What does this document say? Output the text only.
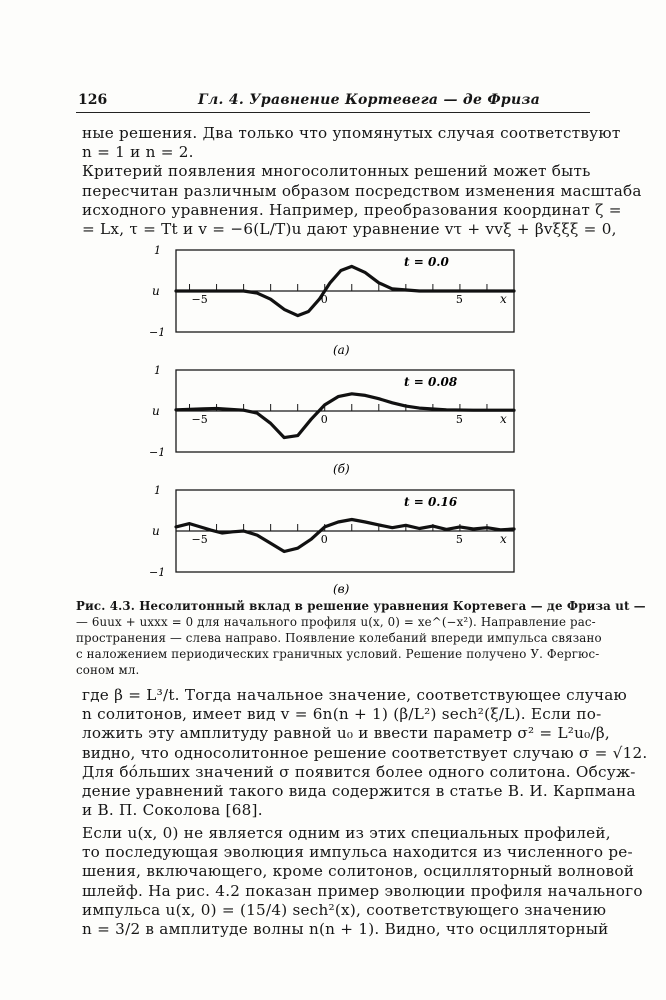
126	Гл. 4. Уравнение Кортевега — де Фриза
ные решения. Два только что упомянутых случая соответствуют
n = 1 и n = 2.
Критерий появления многосолитонных решений может быть
пересчитан различным образом посредством изменения масштаба
исходного уравнения. Например, преобразования координат ζ =
= Lx, τ = Tt и v = −6(L/T)u дают уравнение vτ + vvξ + βvξξξ = 0,
1
−1
u
−5	0	5	x
t = 0.0
(a)
1
−1
u
−5	0	5	x
t = 0.08
(б)
1
−1
u
−5	0	5	x
t = 0.16
(в)
Рис. 4.3. Несолитонный вклад в решение уравнения Кортевега — де Фриза ut —
— 6uux + uxxx = 0 для начального профиля u(x, 0) = xe^(−x²). Направление рас-
пространения — слева направо. Появление колебаний впереди импульса связано
с наложением периодических граничных условий. Решение получено У. Фергюс-
соном мл.
где β = L³/t. Тогда начальное значение, соответствующее случаю
n солитонов, имеет вид v = 6n(n + 1) (β/L²) sech²(ξ/L). Если по-
ложить эту амплитуду равной u₀ и ввести параметр σ² = L²u₀/β,
видно, что односолитонное решение соответствует случаю σ = √12.
Для бо́льших значений σ появится более одного солитона. Обсуж-
дение уравнений такого вида содержится в статье В. И. Карпмана
и В. П. Соколова [68].
Если u(x, 0) не является одним из этих специальных профилей,
то последующая эволюция импульса находится из численного ре-
шения, включающего, кроме солитонов, осцилляторный волновой
шлейф. На рис. 4.2 показан пример эволюции профиля начального
импульса u(x, 0) = (15/4) sech²(x), соответствующего значению
n = 3/2 в амплитуде волны n(n + 1). Видно, что осцилляторный
